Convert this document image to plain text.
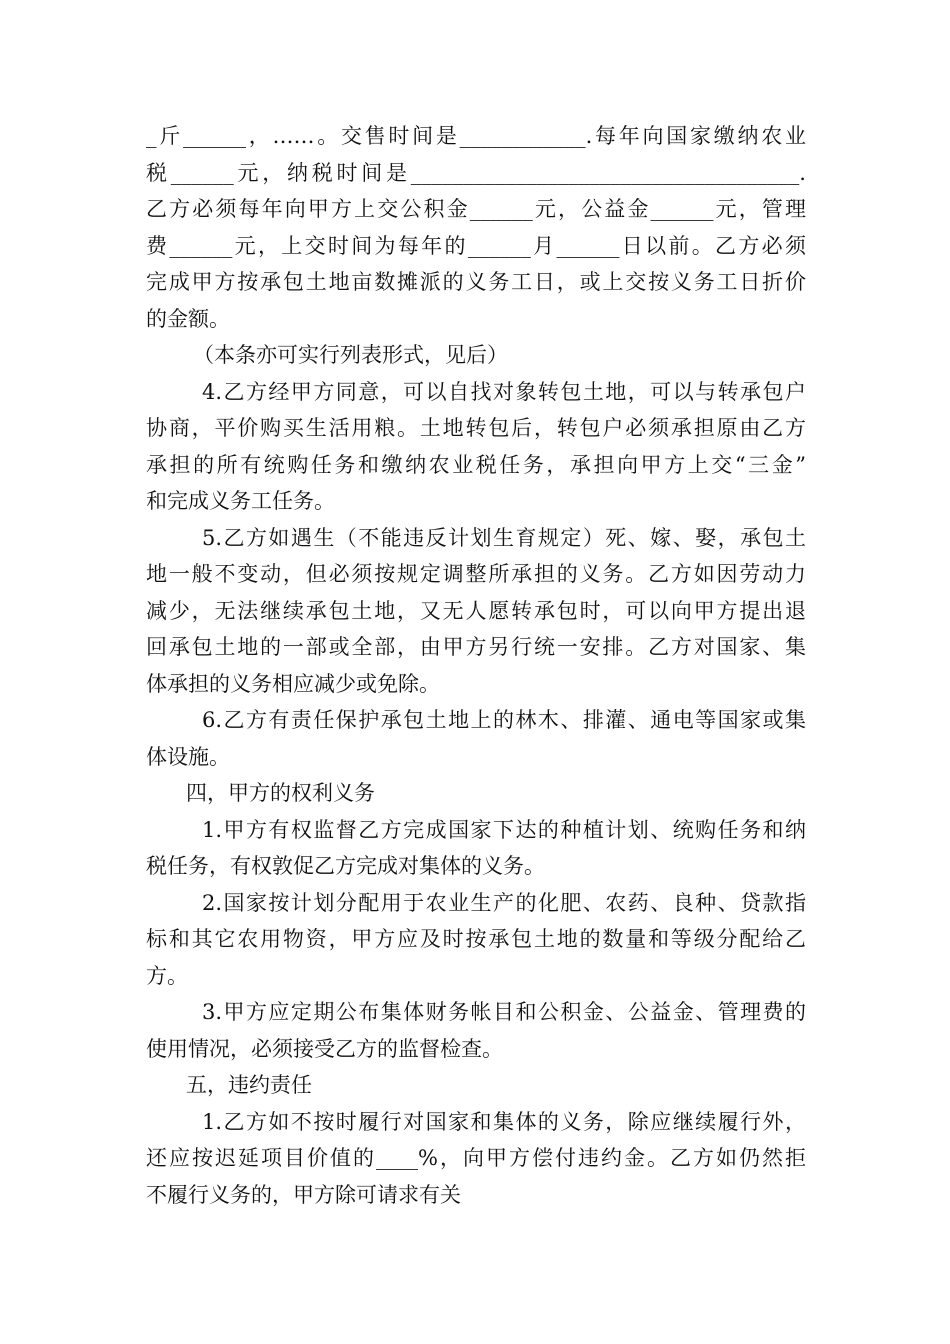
_斤______，……。交售时间是____________.每年向国家缴纳农业
税______元，纳税时间是_____________________________________.
乙方必须每年向甲方上交公积金______元，公益金______元，管理
费______元，上交时间为每年的______月______日以前。乙方必须
完成甲方按承包土地亩数摊派的义务工日，或上交按义务工日折价
的金额。
（本条亦可实行列表形式，见后）
4.乙方经甲方同意，可以自找对象转包土地，可以与转承包户
协商，平价购买生活用粮。土地转包后，转包户必须承担原由乙方
承担的所有统购任务和缴纳农业税任务，承担向甲方上交“三金”
和完成义务工任务。
5.乙方如遇生（不能违反计划生育规定）死、嫁、娶，承包土
地一般不变动，但必须按规定调整所承担的义务。乙方如因劳动力
减少，无法继续承包土地，又无人愿转承包时，可以向甲方提出退
回承包土地的一部或全部，由甲方另行统一安排。乙方对国家、集
体承担的义务相应减少或免除。
6.乙方有责任保护承包土地上的林木、排灌、通电等国家或集
体设施。
四，甲方的权利义务
1.甲方有权监督乙方完成国家下达的种植计划、统购任务和纳
税任务，有权敦促乙方完成对集体的义务。
2.国家按计划分配用于农业生产的化肥、农药、良种、贷款指
标和其它农用物资，甲方应及时按承包土地的数量和等级分配给乙
方。
3.甲方应定期公布集体财务帐目和公积金、公益金、管理费的
使用情况，必须接受乙方的监督检查。
五，违约责任
1.乙方如不按时履行对国家和集体的义务，除应继续履行外，
还应按迟延项目价值的____%，向甲方偿付违约金。乙方如仍然拒
不履行义务的，甲方除可请求有关
